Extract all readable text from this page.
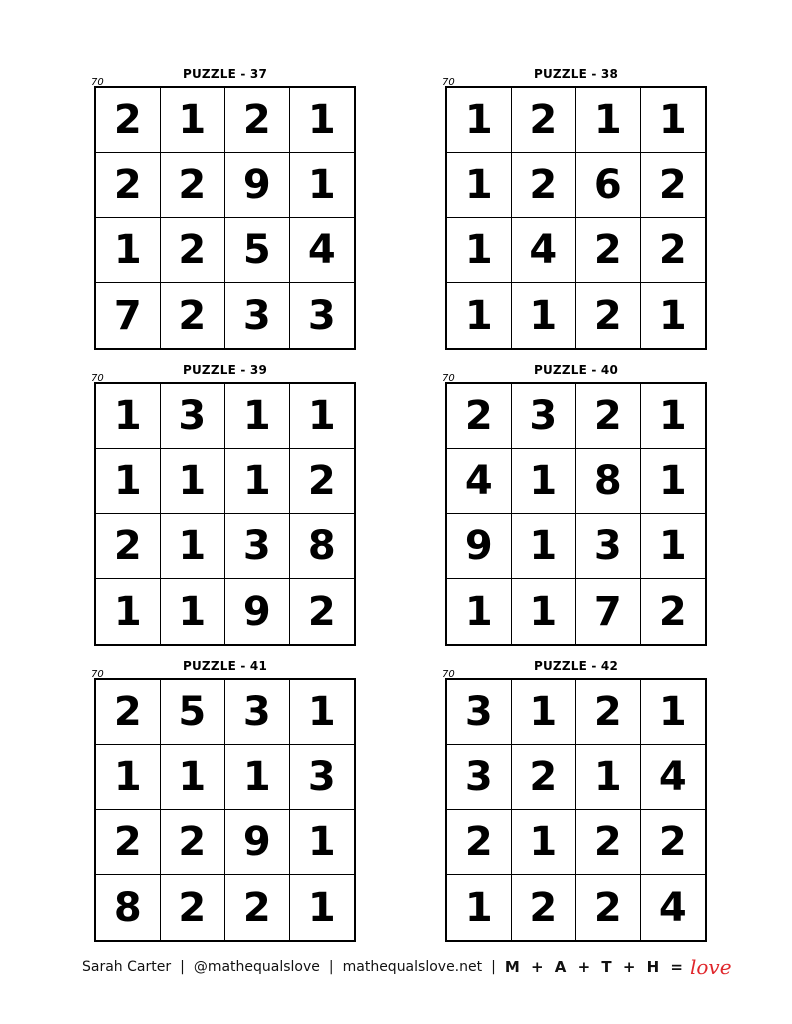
PUZZLE - 37
70
2 1 2 1
2 2 9 1
1 2 5 4
7 2 3 3
PUZZLE - 38
70
1 2 1 1
1 2 6 2
1 4 2 2
1 1 2 1
PUZZLE - 39
70
1 3 1 1
1 1 1 2
2 1 3 8
1 1 9 2
PUZZLE - 40
70
2 3 2 1
4 1 8 1
9 1 3 1
1 1 7 2
PUZZLE - 41
70
2 5 3 1
1 1 1 3
2 2 9 1
8 2 2 1
PUZZLE - 42
70
3 1 2 1
3 2 1 4
2 1 2 2
1 2 2 4
Sarah Carter | @mathequalslove | mathequalslove.net | M + A + T + H = love
